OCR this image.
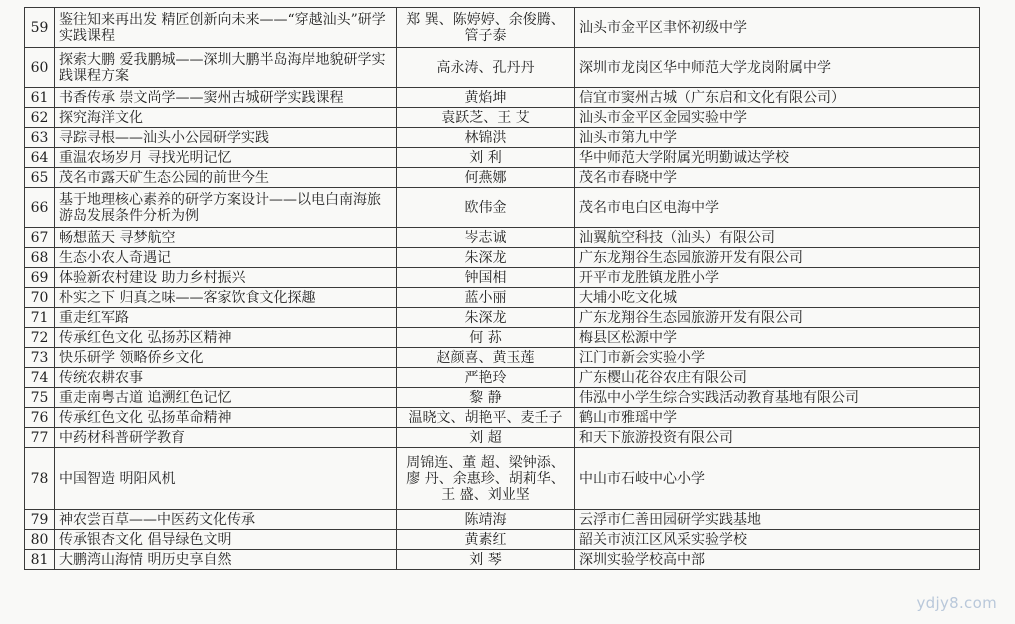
59	鉴往知来再出发 精匠创新向未来——“穿越汕头”研学实践课程	郑 巽、陈婷婷、余俊腾、管子泰	汕头市金平区聿怀初级中学
60	探索大鹏 爱我鹏城——深圳大鹏半岛海岸地貌研学实践课程方案	高永涛、孔丹丹	深圳市龙岗区华中师范大学龙岗附属中学
61	书香传承 崇文尚学——窦州古城研学实践课程	黄焰坤	信宜市窦州古城（广东启和文化有限公司）
62	探究海洋文化	袁跃芝、王 艾	汕头市金平区金园实验中学
63	寻踪寻根——汕头小公园研学实践	林锦洪	汕头市第九中学
64	重温农场岁月 寻找光明记忆	刘 利	华中师范大学附属光明勤诚达学校
65	茂名市露天矿生态公园的前世今生	何燕娜	茂名市春晓中学
66	基于地理核心素养的研学方案设计——以电白南海旅游岛发展条件分析为例	欧伟金	茂名市电白区电海中学
67	畅想蓝天 寻梦航空	岑志诚	汕翼航空科技（汕头）有限公司
68	生态小农人奇遇记	朱深龙	广东龙翔谷生态园旅游开发有限公司
69	体验新农村建设 助力乡村振兴	钟国相	开平市龙胜镇龙胜小学
70	朴实之下 归真之味——客家饮食文化探趣	蓝小丽	大埔小吃文化城
71	重走红军路	朱深龙	广东龙翔谷生态园旅游开发有限公司
72	传承红色文化 弘扬苏区精神	何 荪	梅县区松源中学
73	快乐研学 领略侨乡文化	赵颜喜、黄玉莲	江门市新会实验小学
74	传统农耕农事	严艳玲	广东樱山花谷农庄有限公司
75	重走南粤古道 追溯红色记忆	黎 静	伟泓中小学生综合实践活动教育基地有限公司
76	传承红色文化 弘扬革命精神	温晓文、胡艳平、麦壬子	鹤山市雅瑶中学
77	中药材科普研学教育	刘 超	和天下旅游投资有限公司
78	中国智造 明阳风机	周锦连、董 超、梁钟添、廖 丹、余惠珍、胡莉华、王 盛、刘业坚	中山市石岐中心小学
79	神农尝百草——中医药文化传承	陈靖海	云浮市仁善田园研学实践基地
80	传承银杏文化 倡导绿色文明	黄素红	韶关市浈江区风采实验学校
81	大鹏湾山海情 明历史享自然	刘 琴	深圳实验学校高中部
ydjy8.com
